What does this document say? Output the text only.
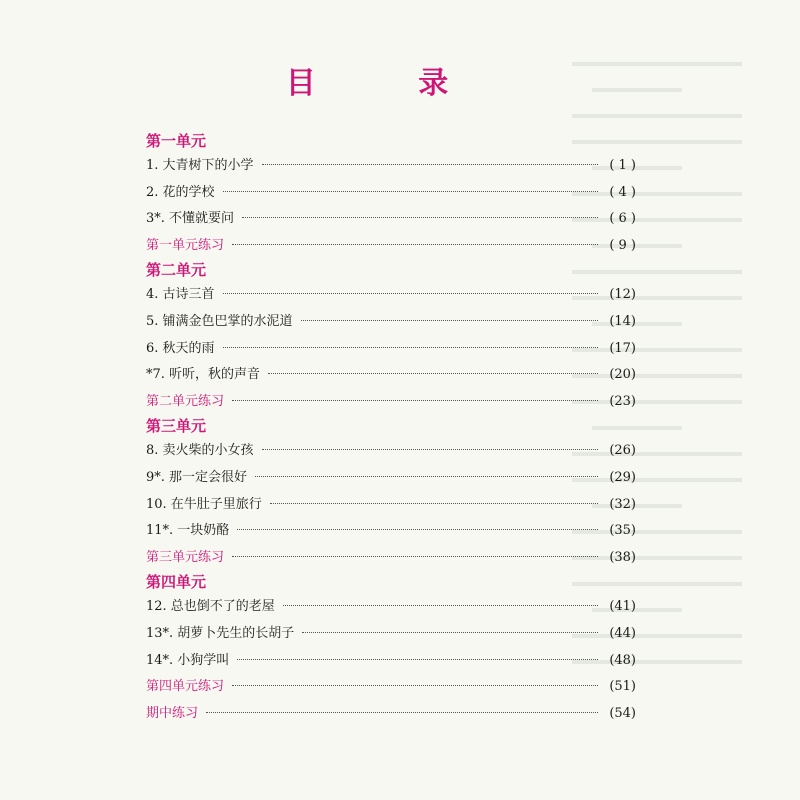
目 录
第一单元
1. 大青树下的小学	( 1 )
2. 花的学校	( 4 )
3*. 不懂就要问	( 6 )
第一单元练习	( 9 )
第二单元
4. 古诗三首	(12)
5. 铺满金色巴掌的水泥道	(14)
6. 秋天的雨	(17)
*7. 听听，秋的声音	(20)
第二单元练习	(23)
第三单元
8. 卖火柴的小女孩	(26)
9*. 那一定会很好	(29)
10. 在牛肚子里旅行	(32)
11*. 一块奶酪	(35)
第三单元练习	(38)
第四单元
12. 总也倒不了的老屋	(41)
13*. 胡萝卜先生的长胡子	(44)
14*. 小狗学叫	(48)
第四单元练习	(51)
期中练习	(54)
